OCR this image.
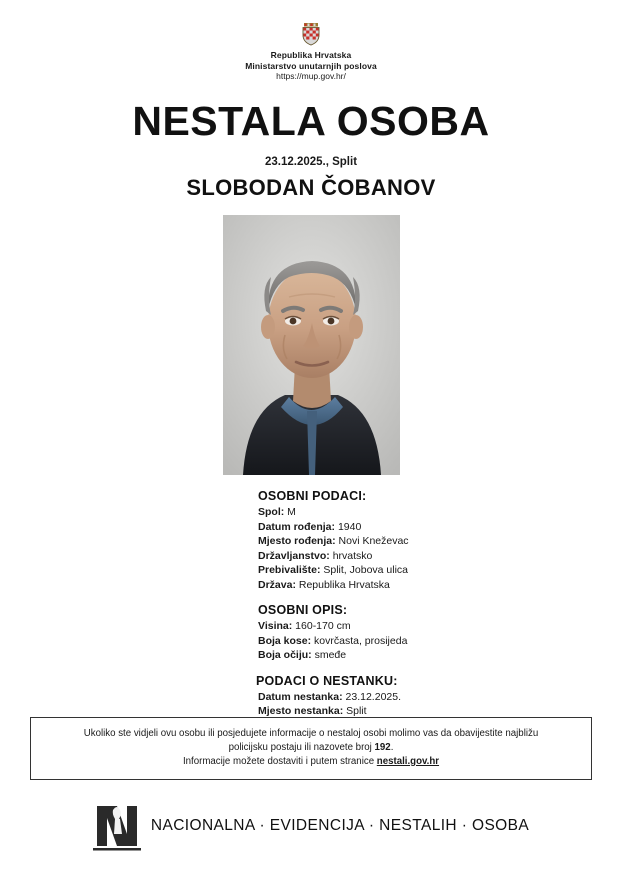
Republika Hrvatska
Ministarstvo unutarnjih poslova
https://mup.gov.hr/
NESTALA OSOBA
23.12.2025., Split
SLOBODAN ČOBANOV
OSOBNI PODACI:
Spol: M
Datum rođenja: 1940
Mjesto rođenja: Novi Kneževac
Državljanstvo: hrvatsko
Prebivalište: Split, Jobova ulica
Država: Republika Hrvatska
OSOBNI OPIS:
Visina: 160-170 cm
Boja kose: kovrčasta, prosijeda
Boja očiju: smeđe
PODACI O NESTANKU:
Datum nestanka: 23.12.2025.
Mjesto nestanka: Split

Ukoliko ste vidjeli ovu osobu ili posjedujete informacije o nestaloj osobi molimo vas da obavijestite najbližu

policijsku postaju ili nazovete broj 192.

Informacije možete dostaviti i putem stranice nestali.gov.hr

NACIONALNA · EVIDENCIJA · NESTALIH · OSOBA
